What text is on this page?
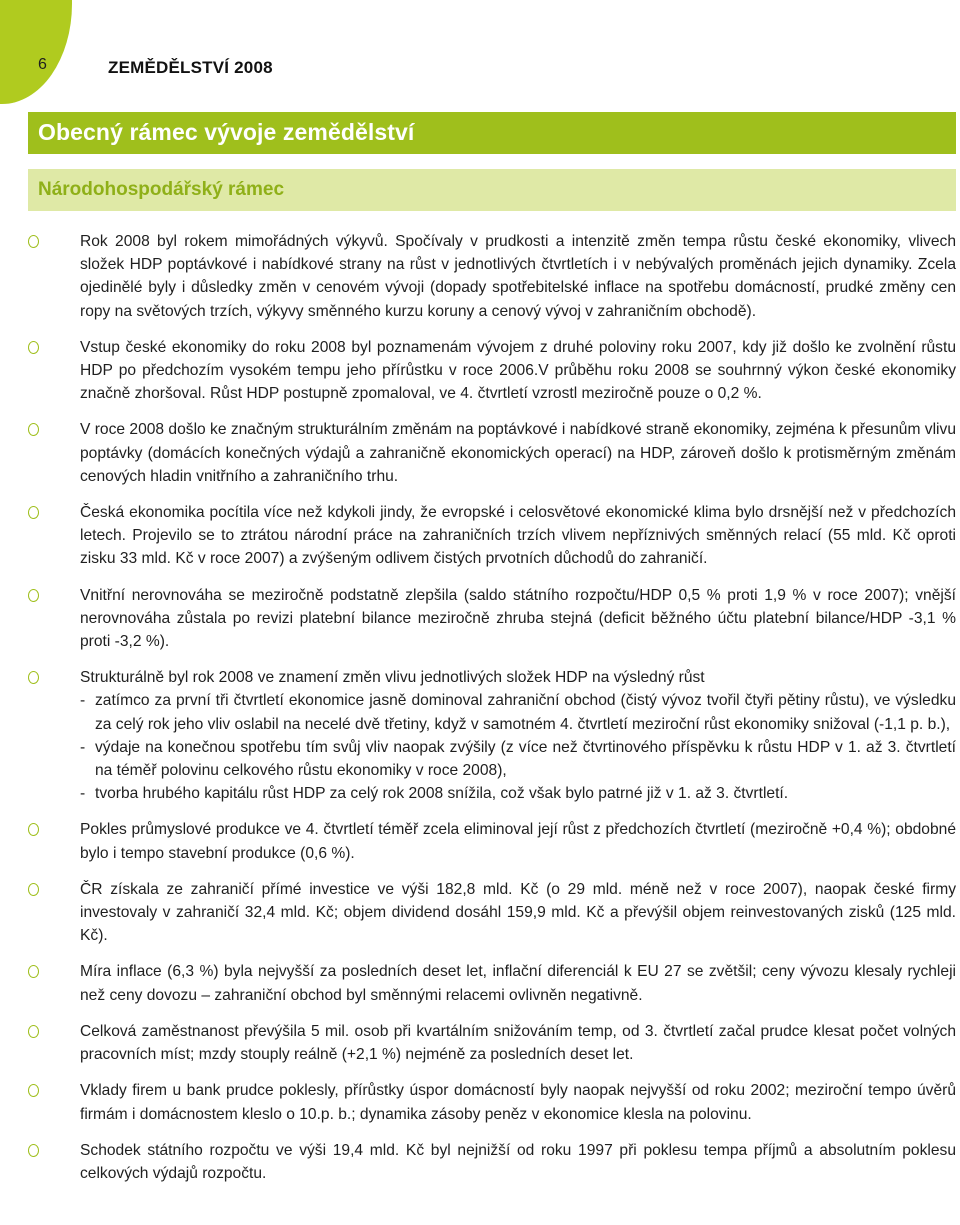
6	ZEMĚDĚLSTVÍ 2008
Obecný rámec vývoje zemědělství
Národohospodářský rámec

Rok 2008 byl rokem mimořádných výkyvů. Spočívaly v prudkosti a intenzitě změn tempa růstu české ekonomiky, vlivech složek HDP poptávkové i nabídkové strany na růst v jednotlivých čtvrtletích i v nebývalých proměnách jejich dynamiky. Zcela ojedinělé byly i důsledky změn v cenovém vývoji (dopady spotřebitelské inflace na spotřebu domácností, prudké změny cen ropy na světových trzích, výkyvy směnného kurzu koruny a cenový vývoj v zahraničním obchodě).

Vstup české ekonomiky do roku 2008 byl poznamenám vývojem z druhé poloviny roku 2007, kdy již došlo ke zvolnění růstu HDP po předchozím vysokém tempu jeho přírůstku v roce 2006.V průběhu roku 2008 se souhrnný výkon české ekonomiky značně zhoršoval. Růst HDP postupně zpomaloval, ve 4. čtvrtletí vzrostl meziročně pouze o 0,2 %.

V roce 2008 došlo ke značným strukturálním změnám na poptávkové i nabídkové straně ekonomiky, zejména k přesunům vlivu poptávky (domácích konečných výdajů a zahraničně ekonomických operací) na HDP, zároveň došlo k protisměrným změnám cenových hladin vnitřního a zahraničního trhu.

Česká ekonomika pocítila více než kdykoli jindy, že evropské i celosvětové ekonomické klima bylo drsnější než v předchozích letech. Projevilo se to ztrátou národní práce na zahraničních trzích vlivem nepříznivých směnných relací (55 mld. Kč oproti zisku 33 mld. Kč v roce 2007) a zvýšeným odlivem čistých prvotních důchodů do zahraničí.

Vnitřní nerovnováha se meziročně podstatně zlepšila (saldo státního rozpočtu/HDP 0,5 % proti 1,9 % v roce 2007); vnější nerovnováha zůstala po revizi platební bilance meziročně zhruba stejná (deficit běžného účtu platební bilance/HDP -3,1 % proti -3,2 %).

Strukturálně byl rok 2008 ve znamení změn vlivu jednotlivých složek HDP na výsledný růst
- zatímco za první tři čtvrtletí ekonomice jasně dominoval zahraniční obchod (čistý vývoz tvořil čtyři pětiny růstu), ve výsledku za celý rok jeho vliv oslabil na necelé dvě třetiny, když v samotném 4. čtvrtletí meziroční růst ekonomiky snižoval (-1,1 p. b.),
- výdaje na konečnou spotřebu tím svůj vliv naopak zvýšily (z více než čtvrtinového příspěvku k růstu HDP v 1. až 3. čtvrtletí na téměř polovinu celkového růstu ekonomiky v roce 2008),
- tvorba hrubého kapitálu růst HDP za celý rok 2008 snížila, což však bylo patrné již v 1. až 3. čtvrtletí.

Pokles průmyslové produkce ve 4. čtvrtletí téměř zcela eliminoval její růst z předchozích čtvrtletí (meziročně +0,4 %); obdobné bylo i tempo stavební produkce (0,6 %).

ČR získala ze zahraničí přímé investice ve výši 182,8 mld. Kč (o 29 mld. méně než v roce 2007), naopak české firmy investovaly v zahraničí 32,4 mld. Kč; objem dividend dosáhl 159,9 mld. Kč a převýšil objem reinvestovaných zisků (125 mld. Kč).

Míra inflace (6,3 %) byla nejvyšší za posledních deset let, inflační diferenciál k EU 27 se zvětšil; ceny vývozu klesaly rychleji než ceny dovozu – zahraniční obchod byl směnnými relacemi ovlivněn negativně.

Celková zaměstnanost převýšila 5 mil. osob při kvartálním snižováním temp, od 3. čtvrtletí začal prudce klesat počet volných pracovních míst; mzdy stouply reálně (+2,1 %) nejméně za posledních deset let.

Vklady firem u bank prudce poklesly, přírůstky úspor domácností byly naopak nejvyšší od roku 2002; meziroční tempo úvěrů firmám i domácnostem kleslo o 10.p. b.; dynamika zásoby peněz v ekonomice klesla na polovinu.

Schodek státního rozpočtu ve výši 19,4 mld. Kč byl nejnižší od roku 1997 při poklesu tempa příjmů a absolutním poklesu celkových výdajů rozpočtu.
